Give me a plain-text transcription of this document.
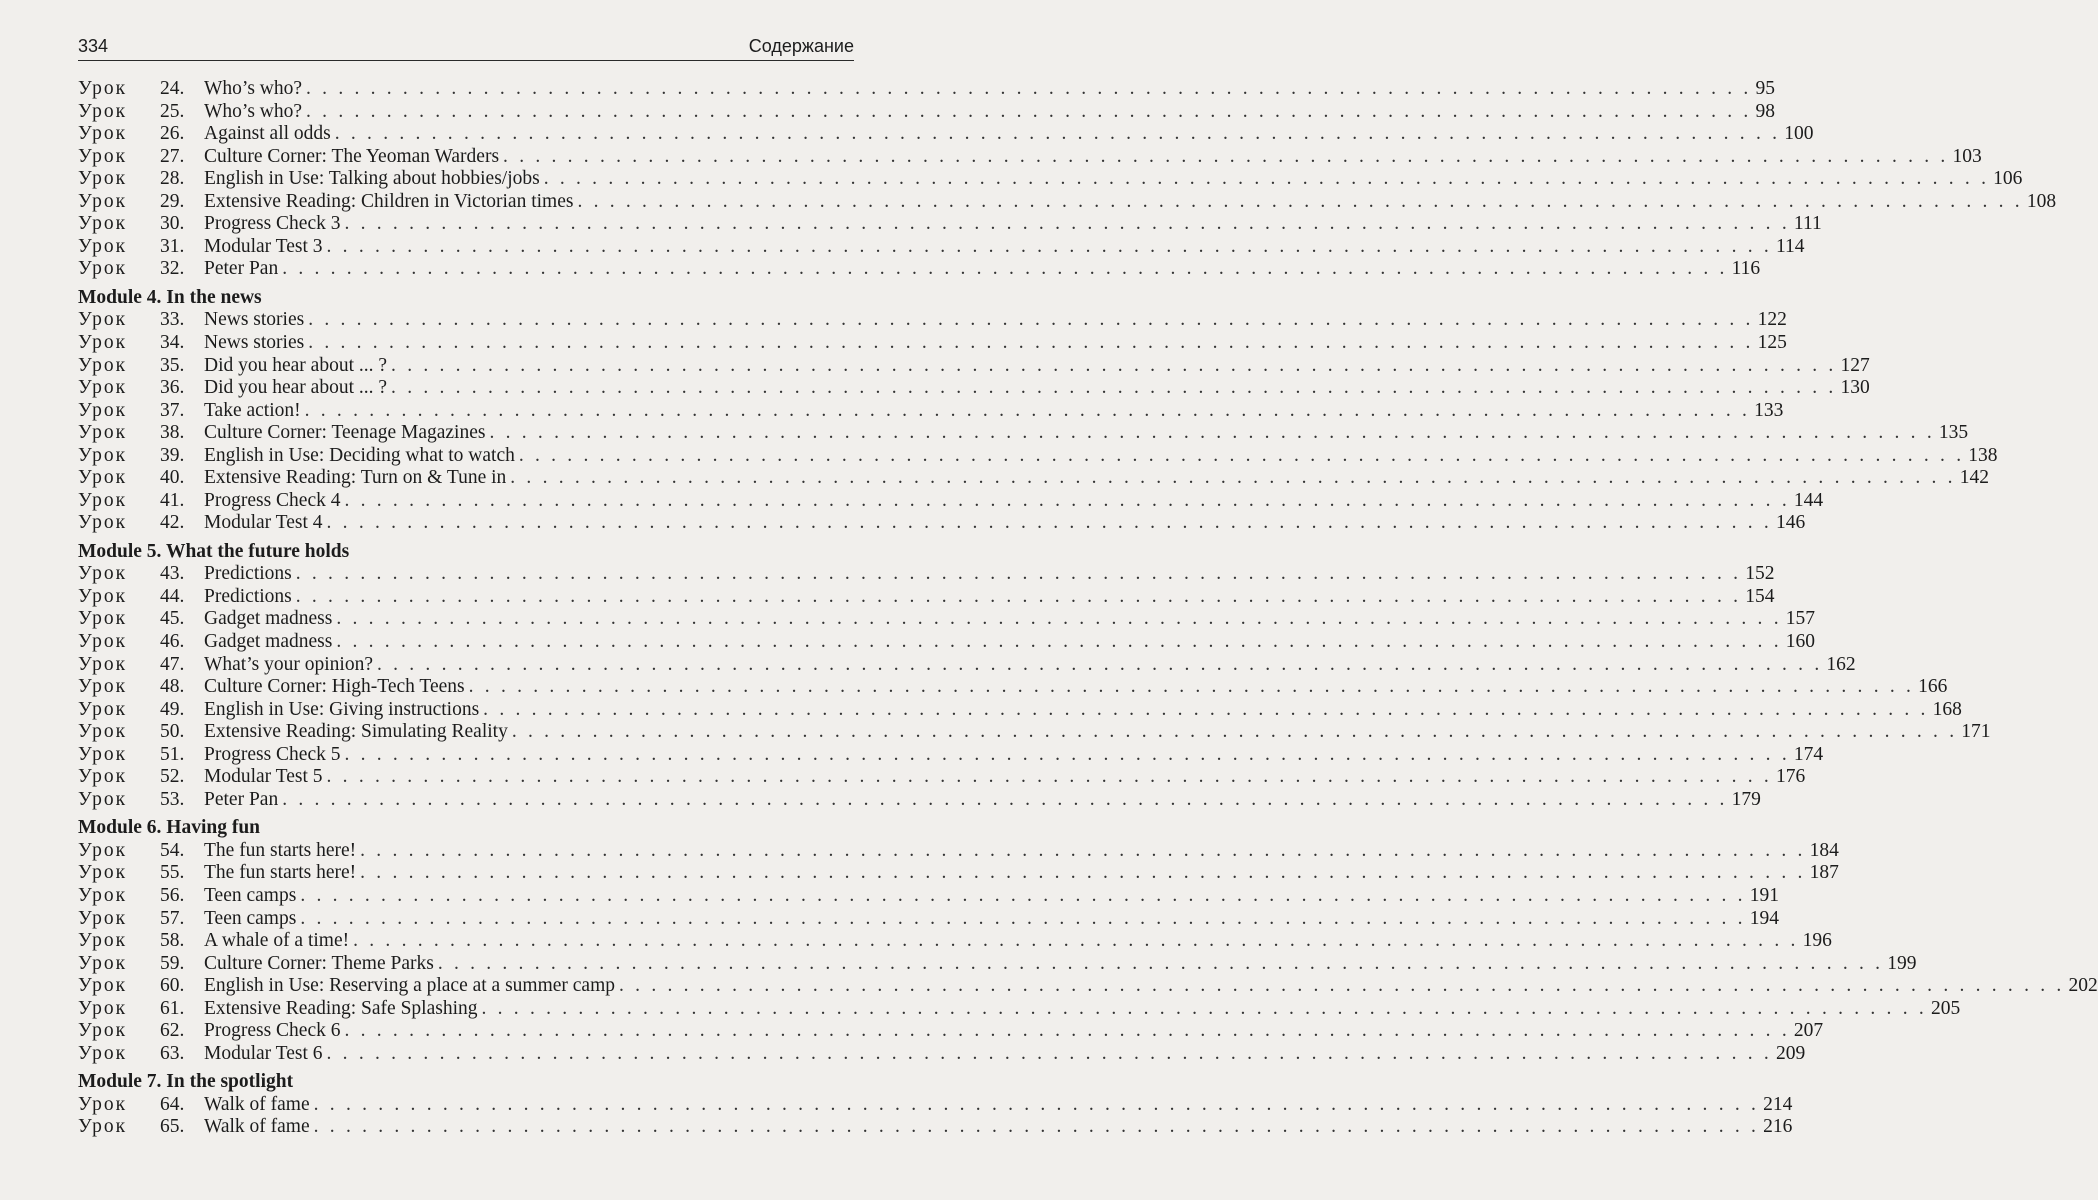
334	Содержание
Урок	24.	Who’s who? . . . . . . . . . . . . . . . . . . . . . . . . . . . . . . . . . . . . . . . . . . . . . . . . . . . . . . . . . . . . . . . . . . . . . . . . . . . . . . . . . . . . . . . . . . 95
Урок	25.	Who’s who? . . . . . . . . . . . . . . . . . . . . . . . . . . . . . . . . . . . . . . . . . . . . . . . . . . . . . . . . . . . . . . . . . . . . . . . . . . . . . . . . . . . . . . . . . . 98
Урок	26.	Against all odds . . . . . . . . . . . . . . . . . . . . . . . . . . . . . . . . . . . . . . . . . . . . . . . . . . . . . . . . . . . . . . . . . . . . . . . . . . . . . . . . . . . . . . . . . . 100
Урок	27.	Culture Corner: The Yeoman Warders . . . . . . . . . . . . . . . . . . . . . . . . . . . . . . . . . . . . . . . . . . . . . . . . . . . . . . . . . . . . . . . . . . . . . . . . . . . . . . . . . . . . . . . . . . 103
Урок	28.	English in Use: Talking about hobbies/jobs . . . . . . . . . . . . . . . . . . . . . . . . . . . . . . . . . . . . . . . . . . . . . . . . . . . . . . . . . . . . . . . . . . . . . . . . . . . . . . . . . . . . . . . . . . 106
Урок	29.	Extensive Reading: Children in Victorian times . . . . . . . . . . . . . . . . . . . . . . . . . . . . . . . . . . . . . . . . . . . . . . . . . . . . . . . . . . . . . . . . . . . . . . . . . . . . . . . . . . . . . . . . . . 108
Урок	30.	Progress Check 3 . . . . . . . . . . . . . . . . . . . . . . . . . . . . . . . . . . . . . . . . . . . . . . . . . . . . . . . . . . . . . . . . . . . . . . . . . . . . . . . . . . . . . . . . . . 111
Урок	31.	Modular Test 3 . . . . . . . . . . . . . . . . . . . . . . . . . . . . . . . . . . . . . . . . . . . . . . . . . . . . . . . . . . . . . . . . . . . . . . . . . . . . . . . . . . . . . . . . . . 114
Урок	32.	Peter Pan . . . . . . . . . . . . . . . . . . . . . . . . . . . . . . . . . . . . . . . . . . . . . . . . . . . . . . . . . . . . . . . . . . . . . . . . . . . . . . . . . . . . . . . . . . 116
Module 4. In the news
Урок	33.	News stories . . . . . . . . . . . . . . . . . . . . . . . . . . . . . . . . . . . . . . . . . . . . . . . . . . . . . . . . . . . . . . . . . . . . . . . . . . . . . . . . . . . . . . . . . . 122
Урок	34.	News stories . . . . . . . . . . . . . . . . . . . . . . . . . . . . . . . . . . . . . . . . . . . . . . . . . . . . . . . . . . . . . . . . . . . . . . . . . . . . . . . . . . . . . . . . . . 125
Урок	35.	Did you hear about ... ? . . . . . . . . . . . . . . . . . . . . . . . . . . . . . . . . . . . . . . . . . . . . . . . . . . . . . . . . . . . . . . . . . . . . . . . . . . . . . . . . . . . . . . . . . . 127
Урок	36.	Did you hear about ... ? . . . . . . . . . . . . . . . . . . . . . . . . . . . . . . . . . . . . . . . . . . . . . . . . . . . . . . . . . . . . . . . . . . . . . . . . . . . . . . . . . . . . . . . . . . 130
Урок	37.	Take action! . . . . . . . . . . . . . . . . . . . . . . . . . . . . . . . . . . . . . . . . . . . . . . . . . . . . . . . . . . . . . . . . . . . . . . . . . . . . . . . . . . . . . . . . . . 133
Урок	38.	Culture Corner: Teenage Magazines . . . . . . . . . . . . . . . . . . . . . . . . . . . . . . . . . . . . . . . . . . . . . . . . . . . . . . . . . . . . . . . . . . . . . . . . . . . . . . . . . . . . . . . . . . 135
Урок	39.	English in Use: Deciding what to watch . . . . . . . . . . . . . . . . . . . . . . . . . . . . . . . . . . . . . . . . . . . . . . . . . . . . . . . . . . . . . . . . . . . . . . . . . . . . . . . . . . . . . . . . . . 138
Урок	40.	Extensive Reading: Turn on & Tune in . . . . . . . . . . . . . . . . . . . . . . . . . . . . . . . . . . . . . . . . . . . . . . . . . . . . . . . . . . . . . . . . . . . . . . . . . . . . . . . . . . . . . . . . . . 142
Урок	41.	Progress Check 4 . . . . . . . . . . . . . . . . . . . . . . . . . . . . . . . . . . . . . . . . . . . . . . . . . . . . . . . . . . . . . . . . . . . . . . . . . . . . . . . . . . . . . . . . . . 144
Урок	42.	Modular Test 4 . . . . . . . . . . . . . . . . . . . . . . . . . . . . . . . . . . . . . . . . . . . . . . . . . . . . . . . . . . . . . . . . . . . . . . . . . . . . . . . . . . . . . . . . . . 146
Module 5. What the future holds
Урок	43.	Predictions . . . . . . . . . . . . . . . . . . . . . . . . . . . . . . . . . . . . . . . . . . . . . . . . . . . . . . . . . . . . . . . . . . . . . . . . . . . . . . . . . . . . . . . . . . 152
Урок	44.	Predictions . . . . . . . . . . . . . . . . . . . . . . . . . . . . . . . . . . . . . . . . . . . . . . . . . . . . . . . . . . . . . . . . . . . . . . . . . . . . . . . . . . . . . . . . . . 154
Урок	45.	Gadget madness . . . . . . . . . . . . . . . . . . . . . . . . . . . . . . . . . . . . . . . . . . . . . . . . . . . . . . . . . . . . . . . . . . . . . . . . . . . . . . . . . . . . . . . . . . 157
Урок	46.	Gadget madness . . . . . . . . . . . . . . . . . . . . . . . . . . . . . . . . . . . . . . . . . . . . . . . . . . . . . . . . . . . . . . . . . . . . . . . . . . . . . . . . . . . . . . . . . . 160
Урок	47.	What’s your opinion? . . . . . . . . . . . . . . . . . . . . . . . . . . . . . . . . . . . . . . . . . . . . . . . . . . . . . . . . . . . . . . . . . . . . . . . . . . . . . . . . . . . . . . . . . . 162
Урок	48.	Culture Corner: High-Tech Teens . . . . . . . . . . . . . . . . . . . . . . . . . . . . . . . . . . . . . . . . . . . . . . . . . . . . . . . . . . . . . . . . . . . . . . . . . . . . . . . . . . . . . . . . . . 166
Урок	49.	English in Use: Giving instructions . . . . . . . . . . . . . . . . . . . . . . . . . . . . . . . . . . . . . . . . . . . . . . . . . . . . . . . . . . . . . . . . . . . . . . . . . . . . . . . . . . . . . . . . . . 168
Урок	50.	Extensive Reading: Simulating Reality . . . . . . . . . . . . . . . . . . . . . . . . . . . . . . . . . . . . . . . . . . . . . . . . . . . . . . . . . . . . . . . . . . . . . . . . . . . . . . . . . . . . . . . . . . 171
Урок	51.	Progress Check 5 . . . . . . . . . . . . . . . . . . . . . . . . . . . . . . . . . . . . . . . . . . . . . . . . . . . . . . . . . . . . . . . . . . . . . . . . . . . . . . . . . . . . . . . . . . 174
Урок	52.	Modular Test 5 . . . . . . . . . . . . . . . . . . . . . . . . . . . . . . . . . . . . . . . . . . . . . . . . . . . . . . . . . . . . . . . . . . . . . . . . . . . . . . . . . . . . . . . . . . 176
Урок	53.	Peter Pan . . . . . . . . . . . . . . . . . . . . . . . . . . . . . . . . . . . . . . . . . . . . . . . . . . . . . . . . . . . . . . . . . . . . . . . . . . . . . . . . . . . . . . . . . . 179
Module 6. Having fun
Урок	54.	The fun starts here! . . . . . . . . . . . . . . . . . . . . . . . . . . . . . . . . . . . . . . . . . . . . . . . . . . . . . . . . . . . . . . . . . . . . . . . . . . . . . . . . . . . . . . . . . . 184
Урок	55.	The fun starts here! . . . . . . . . . . . . . . . . . . . . . . . . . . . . . . . . . . . . . . . . . . . . . . . . . . . . . . . . . . . . . . . . . . . . . . . . . . . . . . . . . . . . . . . . . . 187
Урок	56.	Teen camps . . . . . . . . . . . . . . . . . . . . . . . . . . . . . . . . . . . . . . . . . . . . . . . . . . . . . . . . . . . . . . . . . . . . . . . . . . . . . . . . . . . . . . . . . . 191
Урок	57.	Teen camps . . . . . . . . . . . . . . . . . . . . . . . . . . . . . . . . . . . . . . . . . . . . . . . . . . . . . . . . . . . . . . . . . . . . . . . . . . . . . . . . . . . . . . . . . . 194
Урок	58.	A whale of a time! . . . . . . . . . . . . . . . . . . . . . . . . . . . . . . . . . . . . . . . . . . . . . . . . . . . . . . . . . . . . . . . . . . . . . . . . . . . . . . . . . . . . . . . . . . 196
Урок	59.	Culture Corner: Theme Parks . . . . . . . . . . . . . . . . . . . . . . . . . . . . . . . . . . . . . . . . . . . . . . . . . . . . . . . . . . . . . . . . . . . . . . . . . . . . . . . . . . . . . . . . . . 199
Урок	60.	English in Use: Reserving a place at a summer camp . . . . . . . . . . . . . . . . . . . . . . . . . . . . . . . . . . . . . . . . . . . . . . . . . . . . . . . . . . . . . . . . . . . . . . . . . . . . . . . . . . . . . . . . . . 202
Урок	61.	Extensive Reading: Safe Splashing . . . . . . . . . . . . . . . . . . . . . . . . . . . . . . . . . . . . . . . . . . . . . . . . . . . . . . . . . . . . . . . . . . . . . . . . . . . . . . . . . . . . . . . . . . 205
Урок	62.	Progress Check 6 . . . . . . . . . . . . . . . . . . . . . . . . . . . . . . . . . . . . . . . . . . . . . . . . . . . . . . . . . . . . . . . . . . . . . . . . . . . . . . . . . . . . . . . . . . 207
Урок	63.	Modular Test 6 . . . . . . . . . . . . . . . . . . . . . . . . . . . . . . . . . . . . . . . . . . . . . . . . . . . . . . . . . . . . . . . . . . . . . . . . . . . . . . . . . . . . . . . . . . 209
Module 7. In the spotlight
Урок	64.	Walk of fame . . . . . . . . . . . . . . . . . . . . . . . . . . . . . . . . . . . . . . . . . . . . . . . . . . . . . . . . . . . . . . . . . . . . . . . . . . . . . . . . . . . . . . . . . . 214
Урок	65.	Walk of fame . . . . . . . . . . . . . . . . . . . . . . . . . . . . . . . . . . . . . . . . . . . . . . . . . . . . . . . . . . . . . . . . . . . . . . . . . . . . . . . . . . . . . . . . . . 216
